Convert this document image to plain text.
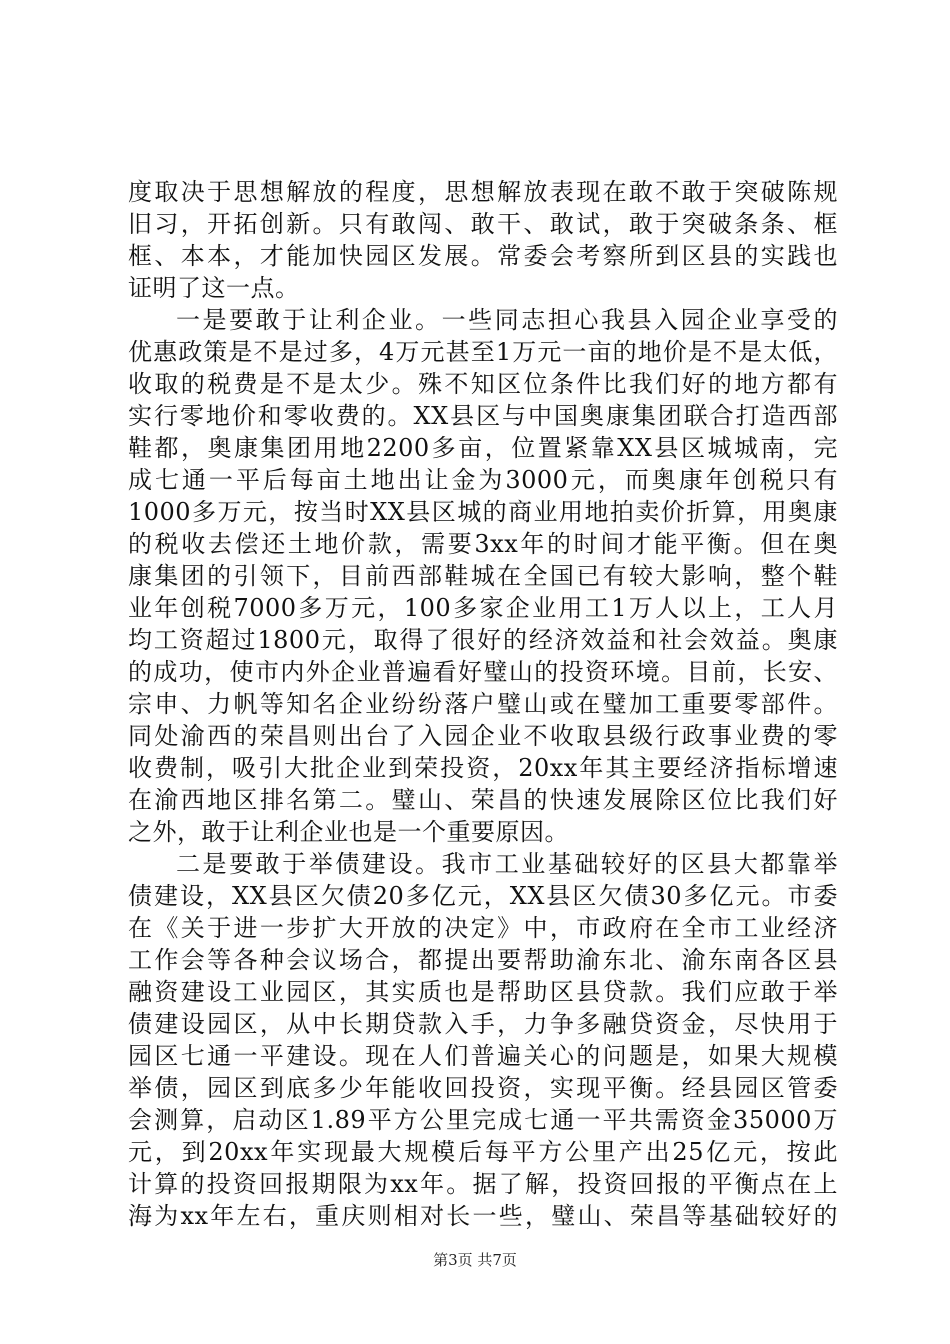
度取决于思想解放的程度，思想解放表现在敢不敢于突破陈规
旧习，开拓创新。只有敢闯、敢干、敢试，敢于突破条条、框
框、本本，才能加快园区发展。常委会考察所到区县的实践也
证明了这一点。
一是要敢于让利企业。一些同志担心我县入园企业享受的
优惠政策是不是过多，4万元甚至1万元一亩的地价是不是太低，
收取的税费是不是太少。殊不知区位条件比我们好的地方都有
实行零地价和零收费的。XX县区与中国奥康集团联合打造西部
鞋都，奥康集团用地2200多亩，位置紧靠XX县区城城南，完
成七通一平后每亩土地出让金为3000元，而奥康年创税只有
1000多万元，按当时XX县区城的商业用地拍卖价折算，用奥康
的税收去偿还土地价款，需要3xx年的时间才能平衡。但在奥
康集团的引领下，目前西部鞋城在全国已有较大影响，整个鞋
业年创税7000多万元，100多家企业用工1万人以上，工人月
均工资超过1800元，取得了很好的经济效益和社会效益。奥康
的成功，使市内外企业普遍看好璧山的投资环境。目前，长安、
宗申、力帆等知名企业纷纷落户璧山或在璧加工重要零部件。
同处渝西的荣昌则出台了入园企业不收取县级行政事业费的零
收费制，吸引大批企业到荣投资，20xx年其主要经济指标增速
在渝西地区排名第二。璧山、荣昌的快速发展除区位比我们好
之外，敢于让利企业也是一个重要原因。
二是要敢于举债建设。我市工业基础较好的区县大都靠举
债建设，XX县区欠债20多亿元，XX县区欠债30多亿元。市委
在《关于进一步扩大开放的决定》中，市政府在全市工业经济
工作会等各种会议场合，都提出要帮助渝东北、渝东南各区县
融资建设工业园区，其实质也是帮助区县贷款。我们应敢于举
债建设园区，从中长期贷款入手，力争多融贷资金，尽快用于
园区七通一平建设。现在人们普遍关心的问题是，如果大规模
举债，园区到底多少年能收回投资，实现平衡。经县园区管委
会测算，启动区1.89平方公里完成七通一平共需资金35000万
元，到20xx年实现最大规模后每平方公里产出25亿元，按此
计算的投资回报期限为xx年。据了解，投资回报的平衡点在上
海为xx年左右，重庆则相对长一些，璧山、荣昌等基础较好的
第3页 共7页
